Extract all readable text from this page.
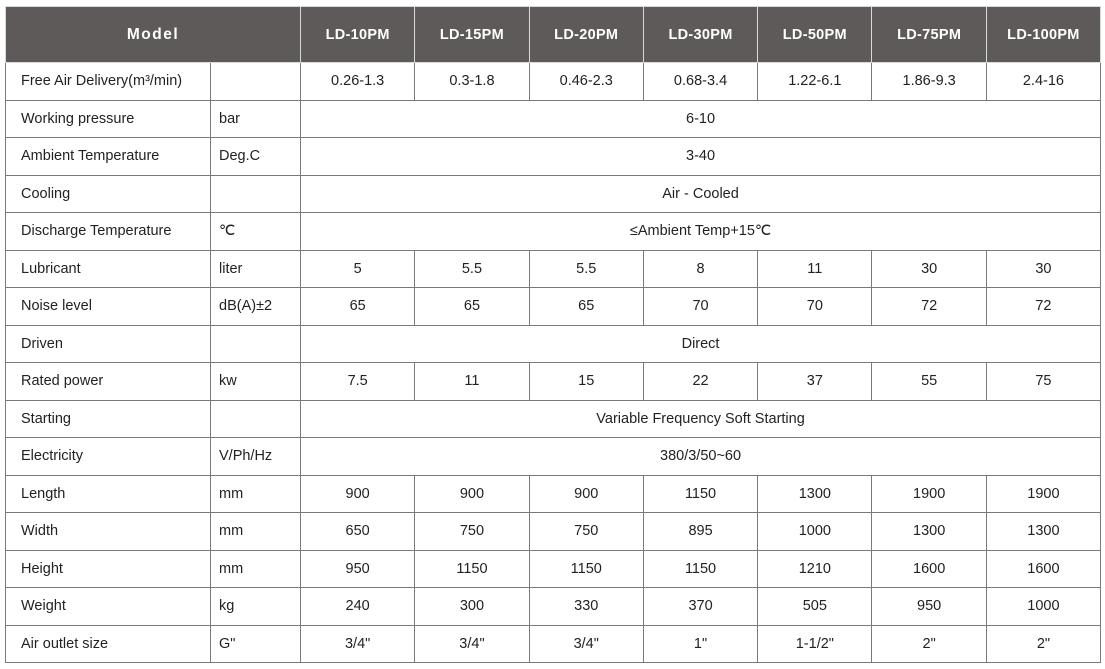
Model		LD-10PM	LD-15PM	LD-20PM	LD-30PM	LD-50PM	LD-75PM	LD-100PM
Free Air Delivery(m³/min)		0.26-1.3	0.3-1.8	0.46-2.3	0.68-3.4	1.22-6.1	1.86-9.3	2.4-16
Working pressure	bar	6-10						
Ambient Temperature	Deg.C	3-40						
Cooling		Air - Cooled						
Discharge Temperature	℃	≤Ambient Temp+15℃						
Lubricant	liter	5	5.5	5.5	8	11	30	30
Noise level	dB(A)±2	65	65	65	70	70	72	72
Driven		Direct						
Rated power	kw	7.5	11	15	22	37	55	75
Starting		Variable Frequency Soft Starting						
Electricity	V/Ph/Hz	380/3/50~60						
Length	mm	900	900	900	1150	1300	1900	1900
Width	mm	650	750	750	895	1000	1300	1300
Height	mm	950	1150	1150	1150	1210	1600	1600
Weight	kg	240	300	330	370	505	950	1000
Air outlet size	G"	3/4"	3/4"	3/4"	1"	1-1/2"	2"	2"
